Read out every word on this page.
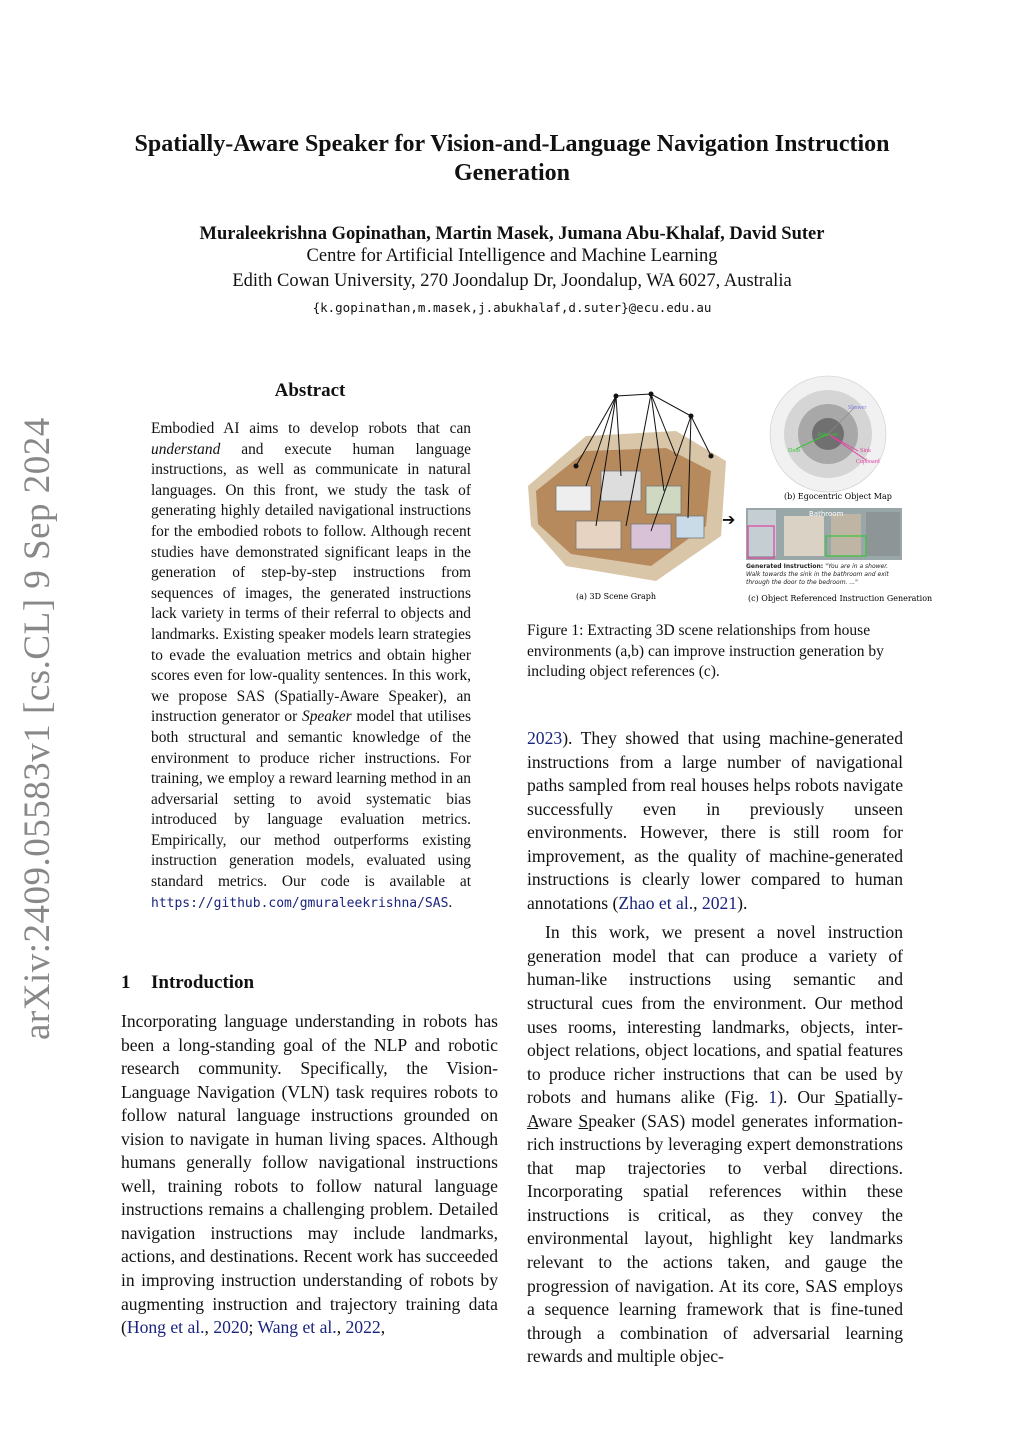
Spatially-Aware Speaker for Vision-and-Language Navigation Instruction
Generation
Muraleekrishna Gopinathan, Martin Masek, Jumana Abu-Khalaf, David Suter
Centre for Artificial Intelligence and Machine Learning
Edith Cowan University, 270 Joondalup Dr, Joondalup, WA 6027, Australia
{k.gopinathan,m.masek,j.abukhalaf,d.suter}@ecu.edu.au
arXiv:2409.05583v1 [cs.CL] 9 Sep 2024
Abstract
Embodied AI aims to develop robots that can understand and execute human language instructions, as well as communicate in natural languages. On this front, we study the task of generating highly detailed navigational instructions for the embodied robots to follow. Although recent studies have demonstrated significant leaps in the generation of step-by-step instructions from sequences of images, the generated instructions lack variety in terms of their referral to objects and landmarks. Existing speaker models learn strategies to evade the evaluation metrics and obtain higher scores even for low-quality sentences. In this work, we propose SAS (Spatially-Aware Speaker), an instruction generator or Speaker model that utilises both structural and semantic knowledge of the environment to produce richer instructions. For training, we employ a reward learning method in an adversarial setting to avoid systematic bias introduced by language evaluation metrics. Empirically, our method outperforms existing instruction generation models, evaluated using standard metrics. Our code is available at https://github.com/gmuraleekrishna/SAS.
1 Introduction
Incorporating language understanding in robots has been a long-standing goal of the NLP and robotic research community. Specifically, the Vision-Language Navigation (VLN) task requires robots to follow natural language instructions grounded on vision to navigate in human living spaces. Although humans generally follow navigational instructions well, training robots to follow natural language instructions remains a challenging problem. Detailed navigation instructions may include landmarks, actions, and destinations. Recent work has succeeded in improving instruction understanding of robots by augmenting instruction and trajectory training data (Hong et al., 2020; Wang et al., 2022,
Shower
Door	Sink
Cupboard
Bathroom
➔	Bathroom
Generated Instruction: "You are in a shower.
Walk towards the sink in the bathroom and exit
through the door to the bedroom. ..."
(a) 3D Scene Graph
(b) Egocentric Object Map
(c) Object Referenced Instruction Generation
Figure 1: Extracting 3D scene relationships from house environments (a,b) can improve instruction generation by including object references (c).

2023). They showed that using machine-generated instructions from a large number of navigational paths sampled from real houses helps robots navigate successfully even in previously unseen environments. However, there is still room for improvement, as the quality of machine-generated instructions is clearly lower compared to human annotations (Zhao et al., 2021).

In this work, we present a novel instruction generation model that can produce a variety of human-like instructions using semantic and structural cues from the environment. Our method uses rooms, interesting landmarks, objects, inter-object relations, object locations, and spatial features to produce richer instructions that can be used by robots and humans alike (Fig. 1). Our Spatially-Aware Speaker (SAS) model generates information-rich instructions by leveraging expert demonstrations that map trajectories to verbal directions. Incorporating spatial references within these instructions is critical, as they convey the environmental layout, highlight key landmarks relevant to the actions taken, and gauge the progression of navigation. At its core, SAS employs a sequence learning framework that is fine-tuned through a combination of adversarial learning rewards and multiple objec-
